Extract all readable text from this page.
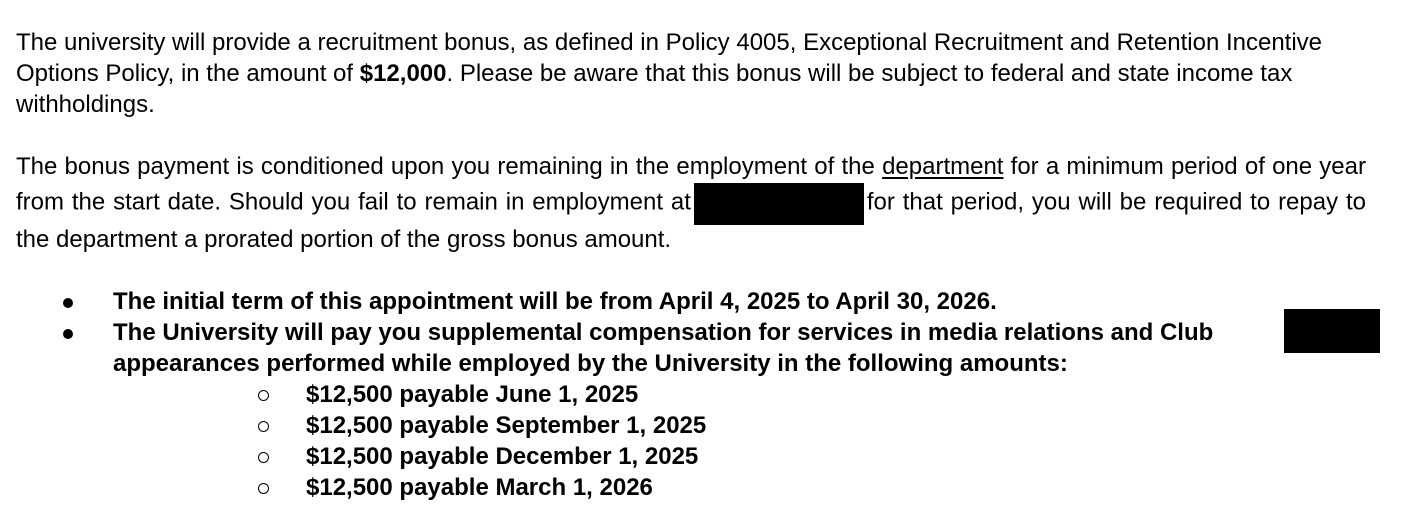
The university will provide a recruitment bonus, as defined in Policy 4005, Exceptional Recruitment and Retention Incentive Options Policy, in the amount of $12,000. Please be aware that this bonus will be subject to federal and state income tax withholdings.

The bonus payment is conditioned upon you remaining in the employment of the department for a minimum period of one year from the start date. Should you fail to remain in employment at	for that period, you will be required to repay to the department a prorated portion of the gross bonus amount.

The initial term of this appointment will be from April 4, 2025 to April 30, 2026.
The University will pay you supplemental compensation for services in media relations and Club appearances performed while employed by the University in the following amounts:
$12,500 payable June 1, 2025
$12,500 payable September 1, 2025
$12,500 payable December 1, 2025
$12,500 payable March 1, 2026
